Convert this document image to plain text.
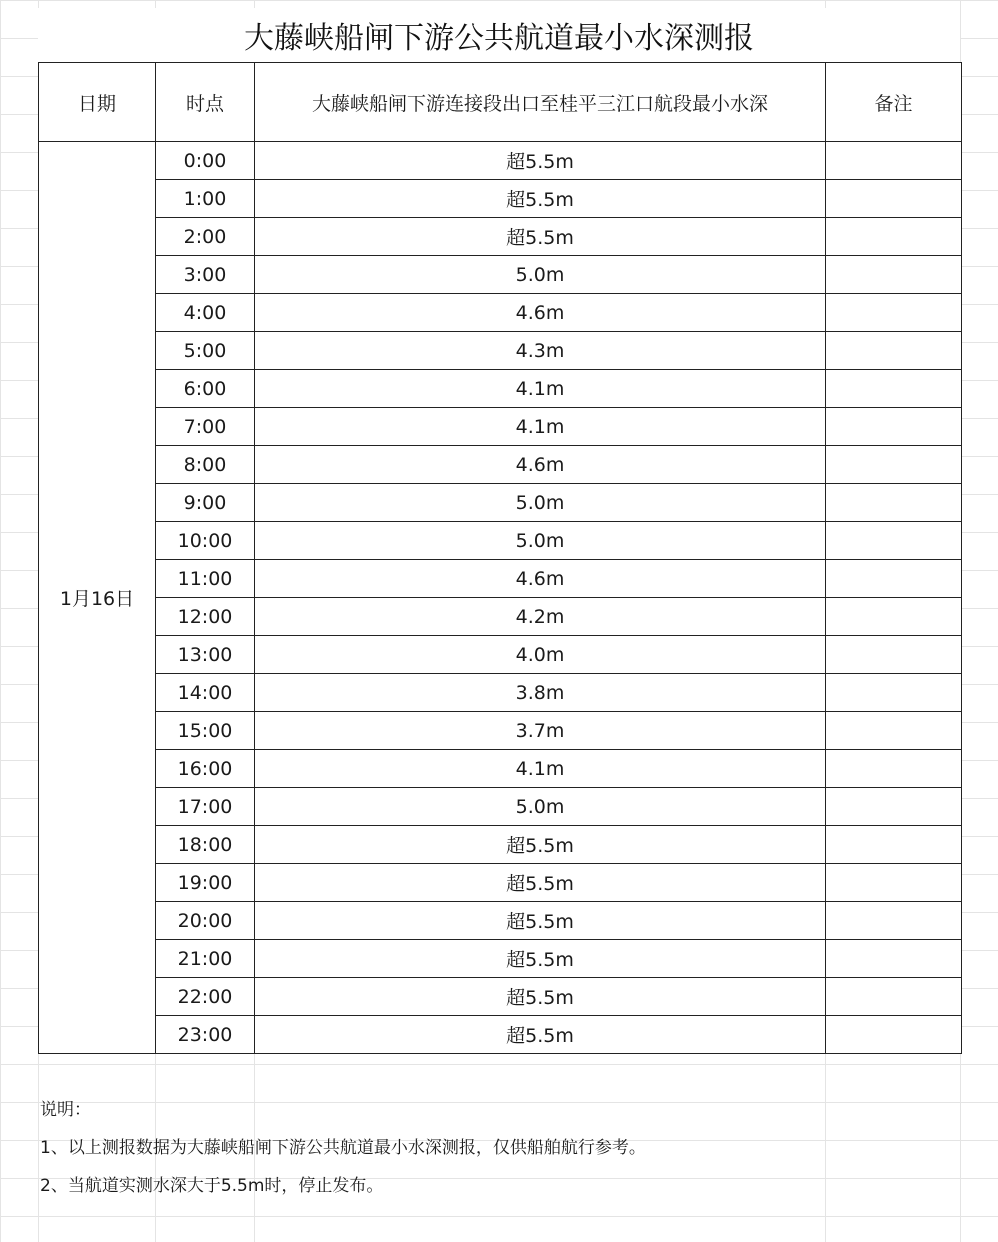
大藤峡船闸下游公共航道最小水深测报
日期	时点	大藤峡船闸下游连接段出口至桂平三江口航段最小水深	备注
1月16日	0:00	超5.5m	
	1:00	超5.5m	
	2:00	超5.5m	
	3:00	5.0m	
	4:00	4.6m	
	5:00	4.3m	
	6:00	4.1m	
	7:00	4.1m	
	8:00	4.6m	
	9:00	5.0m	
	10:00	5.0m	
	11:00	4.6m	
	12:00	4.2m	
	13:00	4.0m	
	14:00	3.8m	
	15:00	3.7m	
	16:00	4.1m	
	17:00	5.0m	
	18:00	超5.5m	
	19:00	超5.5m	
	20:00	超5.5m	
	21:00	超5.5m	
	22:00	超5.5m	
	23:00	超5.5m	
说明：
1、以上测报数据为大藤峡船闸下游公共航道最小水深测报，仅供船舶航行参考。
2、当航道实测水深大于5.5m时，停止发布。
